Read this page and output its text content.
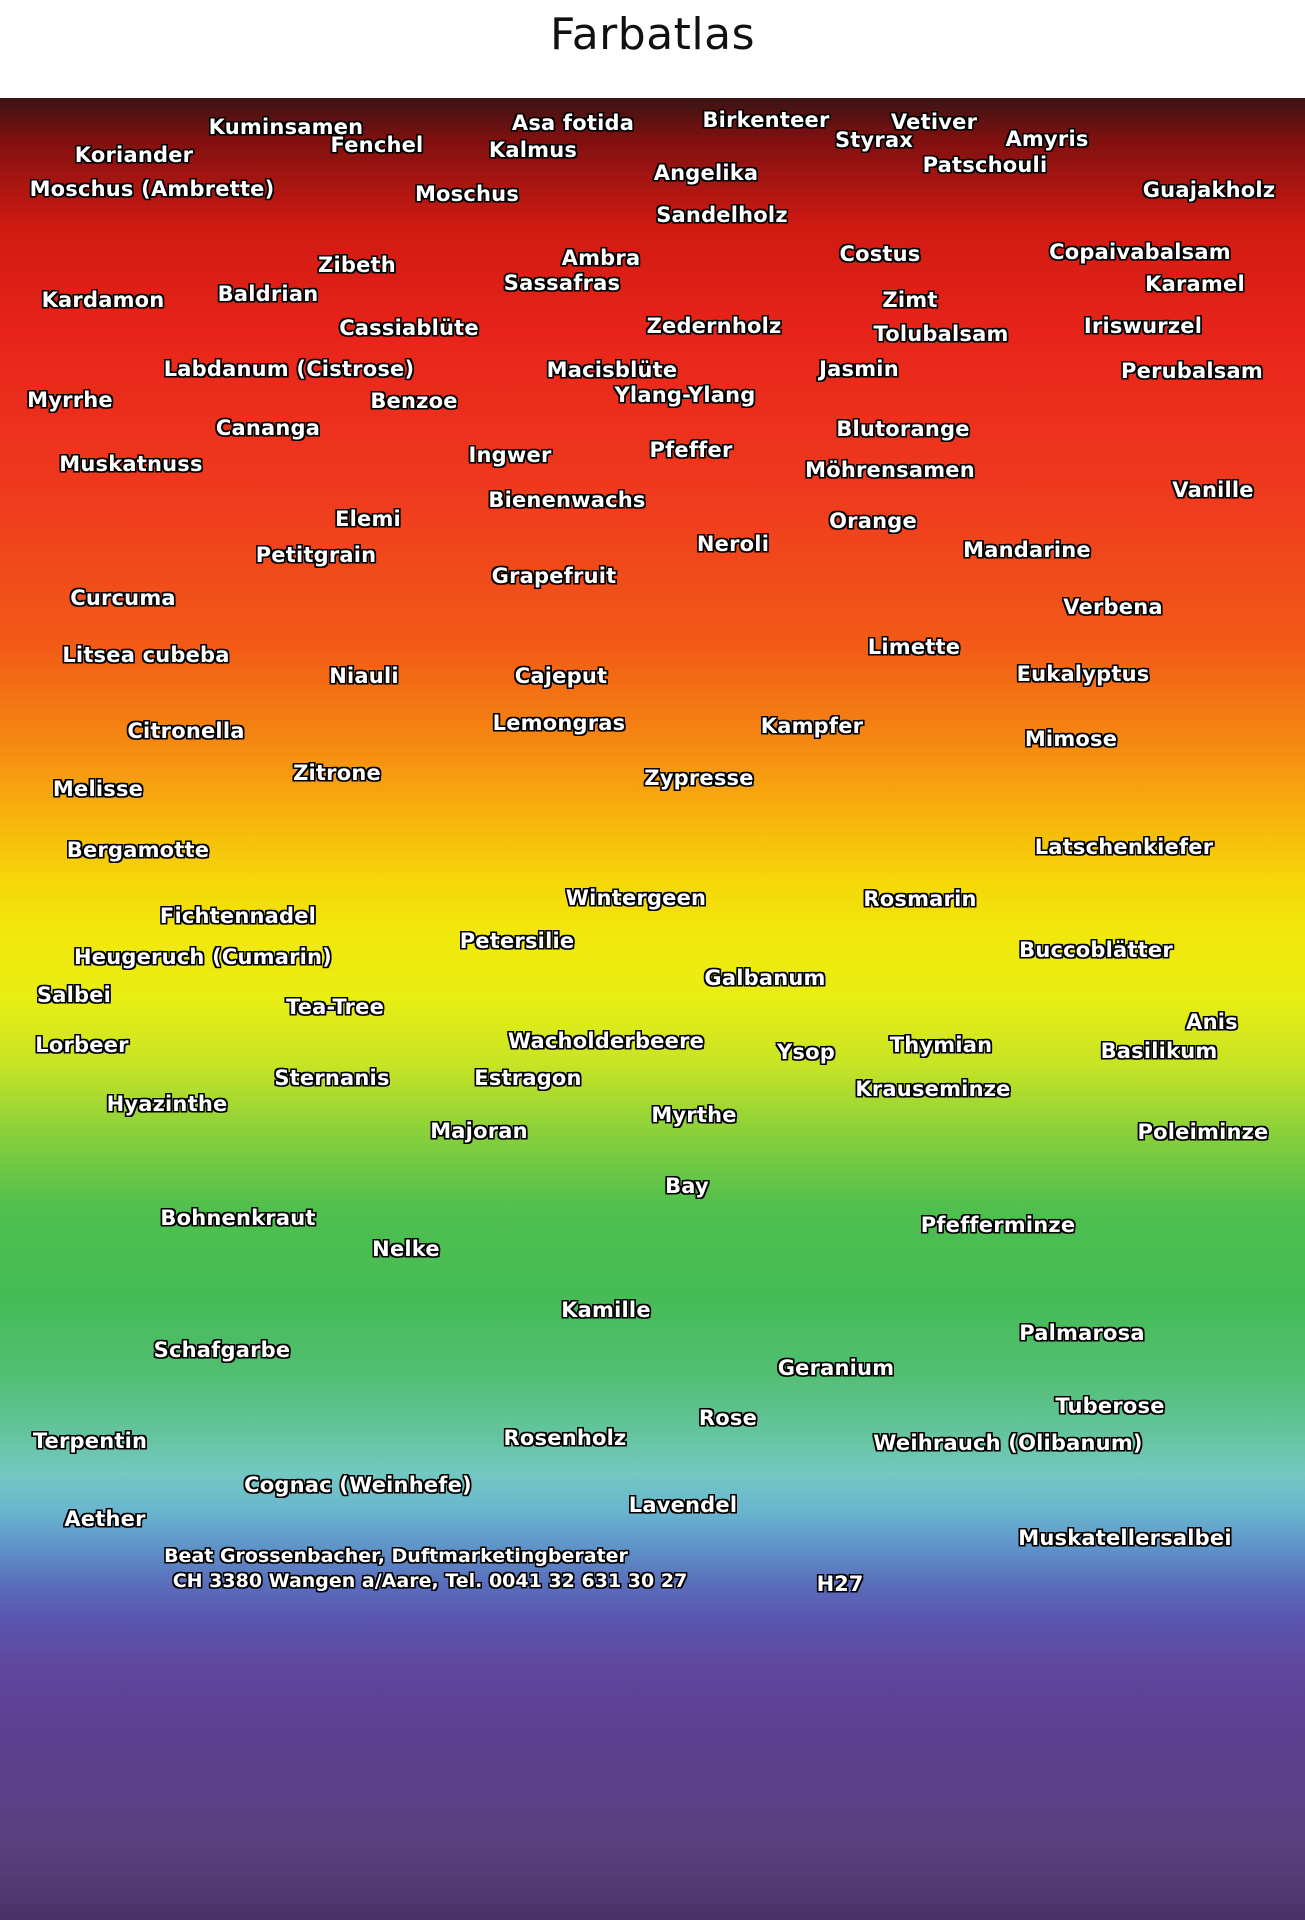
Farbatlas
Kuminsamen	Asa fotida	Birkenteer	Vetiver
Koriander	Fenchel	Kalmus	Styrax	Amyris
Moschus (Ambrette)
Angelika	Patschouli
Guajakholz
Moschus
Sandelholz
Ambra	Costus	Copaivabalsam
Zibeth
Sassafras	Karamel
Kardamon	Baldrian	Zimt
Cassiablüte	Zedernholz	Tolubalsam	Iriswurzel
Labdanum (Cistrose)	Macisblüte	Jasmin	Perubalsam
Myrrhe	Benzoe	Ylang-Ylang
Cananga	Blutorange
Ingwer	Pfeffer
Muskatnuss	Möhrensamen
Vanille
Bienenwachs
Elemi	Orange
Neroli
Petitgrain	Mandarine
Grapefruit
Curcuma	Verbena
Litsea cubeba	Limette
Niauli	Cajeput	Eukalyptus
Lemongras	Kampfer
Citronella	Mimose
Zitrone	Zypresse
Melisse
Bergamotte	Latschenkiefer
Wintergeen	Rosmarin
Fichtennadel
Petersilie
Heugeruch (Cumarin)	Buccoblätter
Galbanum
Salbei	Tea-Tree
Anis
Wacholderbeere	Ysop	Thymian
Lorbeer	Basilikum
Sternanis	Estragon	Krauseminze
Hyazinthe	Myrthe
Majoran	Poleiminze
Bay
Bohnenkraut	Pfefferminze
Nelke
Kamille
Palmarosa
Schafgarbe
Geranium
Tuberose
Rose
Terpentin	Rosenholz	Weihrauch (Olibanum)
Cognac (Weinhefe)
Lavendel
Aether
Muskatellersalbei
Beat Grossenbacher, Duftmarketingberater
CH 3380 Wangen a/Aare, Tel. 0041 32 631 30 27	H27
